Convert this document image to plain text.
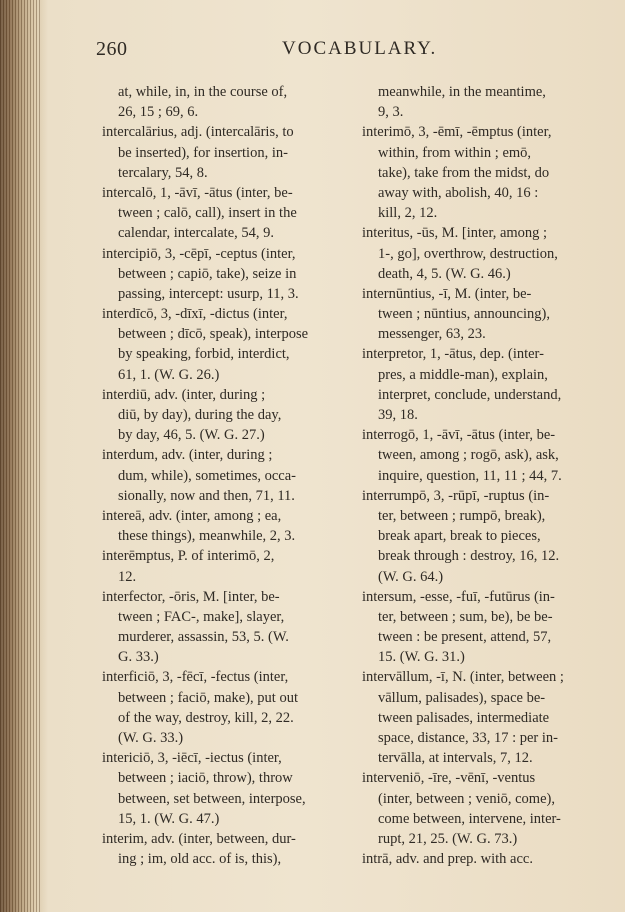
260	VOCABULARY.
at, while, in, in the course of,
26, 15 ; 69, 6.
intercalārius, adj. (intercalāris, to
be inserted), for insertion, in-
tercalary, 54, 8.
intercalō, 1, -āvī, -ātus (inter, be-
tween ; calō, call), insert in the
calendar, intercalate, 54, 9.
intercipiō, 3, -cēpī, -ceptus (inter,
between ; capiō, take), seize in
passing, intercept: usurp, 11, 3.
interdīcō, 3, -dīxī, -dictus (inter,
between ; dīcō, speak), interpose
by speaking, forbid, interdict,
61, 1. (W. G. 26.)
interdiū, adv. (inter, during ;
diū, by day), during the day,
by day, 46, 5. (W. G. 27.)
interdum, adv. (inter, during ;
dum, while), sometimes, occa-
sionally, now and then, 71, 11.
intereā, adv. (inter, among ; ea,
these things), meanwhile, 2, 3.
interēmptus, P. of interimō, 2,
12.
interfector, -ōris, M. [inter, be-
tween ; FAC-, make], slayer,
murderer, assassin, 53, 5. (W.
G. 33.)
interficiō, 3, -fēcī, -fectus (inter,
between ; faciō, make), put out
of the way, destroy, kill, 2, 22.
(W. G. 33.)
intericiō, 3, -iēcī, -iectus (inter,
between ; iaciō, throw), throw
between, set between, interpose,
15, 1. (W. G. 47.)
interim, adv. (inter, between, dur-
ing ; im, old acc. of is, this),
meanwhile, in the meantime,
9, 3.
interimō, 3, -ēmī, -ēmptus (inter,
within, from within ; emō,
take), take from the midst, do
away with, abolish, 40, 16 :
kill, 2, 12.
interitus, -ūs, M. [inter, among ;
1-, go], overthrow, destruction,
death, 4, 5. (W. G. 46.)
internūntius, -ī, M. (inter, be-
tween ; nūntius, announcing),
messenger, 63, 23.
interpretor, 1, -ātus, dep. (inter-
pres, a middle-man), explain,
interpret, conclude, understand,
39, 18.
interrogō, 1, -āvī, -ātus (inter, be-
tween, among ; rogō, ask), ask,
inquire, question, 11, 11 ; 44, 7.
interrumpō, 3, -rūpī, -ruptus (in-
ter, between ; rumpō, break),
break apart, break to pieces,
break through : destroy, 16, 12.
(W. G. 64.)
intersum, -esse, -fuī, -futūrus (in-
ter, between ; sum, be), be be-
tween : be present, attend, 57,
15. (W. G. 31.)
intervāllum, -ī, N. (inter, between ;
vāllum, palisades), space be-
tween palisades, intermediate
space, distance, 33, 17 : per in-
tervālla, at intervals, 7, 12.
interveniō, -īre, -vēnī, -ventus
(inter, between ; veniō, come),
come between, intervene, inter-
rupt, 21, 25. (W. G. 73.)
intrā, adv. and prep. with acc.
